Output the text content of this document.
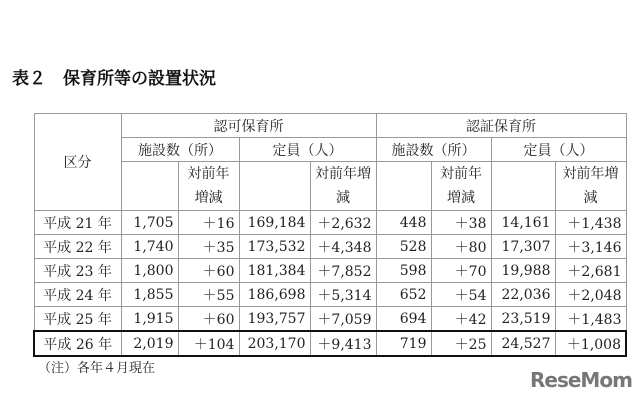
表２　保育所等の設置状況
区分	認可保育所				認証保育所			
	施設数（所）		定員（人）		施設数（所）		定員（人）	
		対前年増減		対前年増減		対前年増減		対前年増減
平成 21 年	1,705	＋16	169,184	＋2,632	448	＋38	14,161	＋1,438
平成 22 年	1,740	＋35	173,532	＋4,348	528	＋80	17,307	＋3,146
平成 23 年	1,800	＋60	181,384	＋7,852	598	＋70	19,988	＋2,681
平成 24 年	1,855	＋55	186,698	＋5,314	652	＋54	22,036	＋2,048
平成 25 年	1,915	＋60	193,757	＋7,059	694	＋42	23,519	＋1,483
平成 26 年	2,019	＋104	203,170	＋9,413	719	＋25	24,527	＋1,008
（注）各年４月現在	ReseMom
